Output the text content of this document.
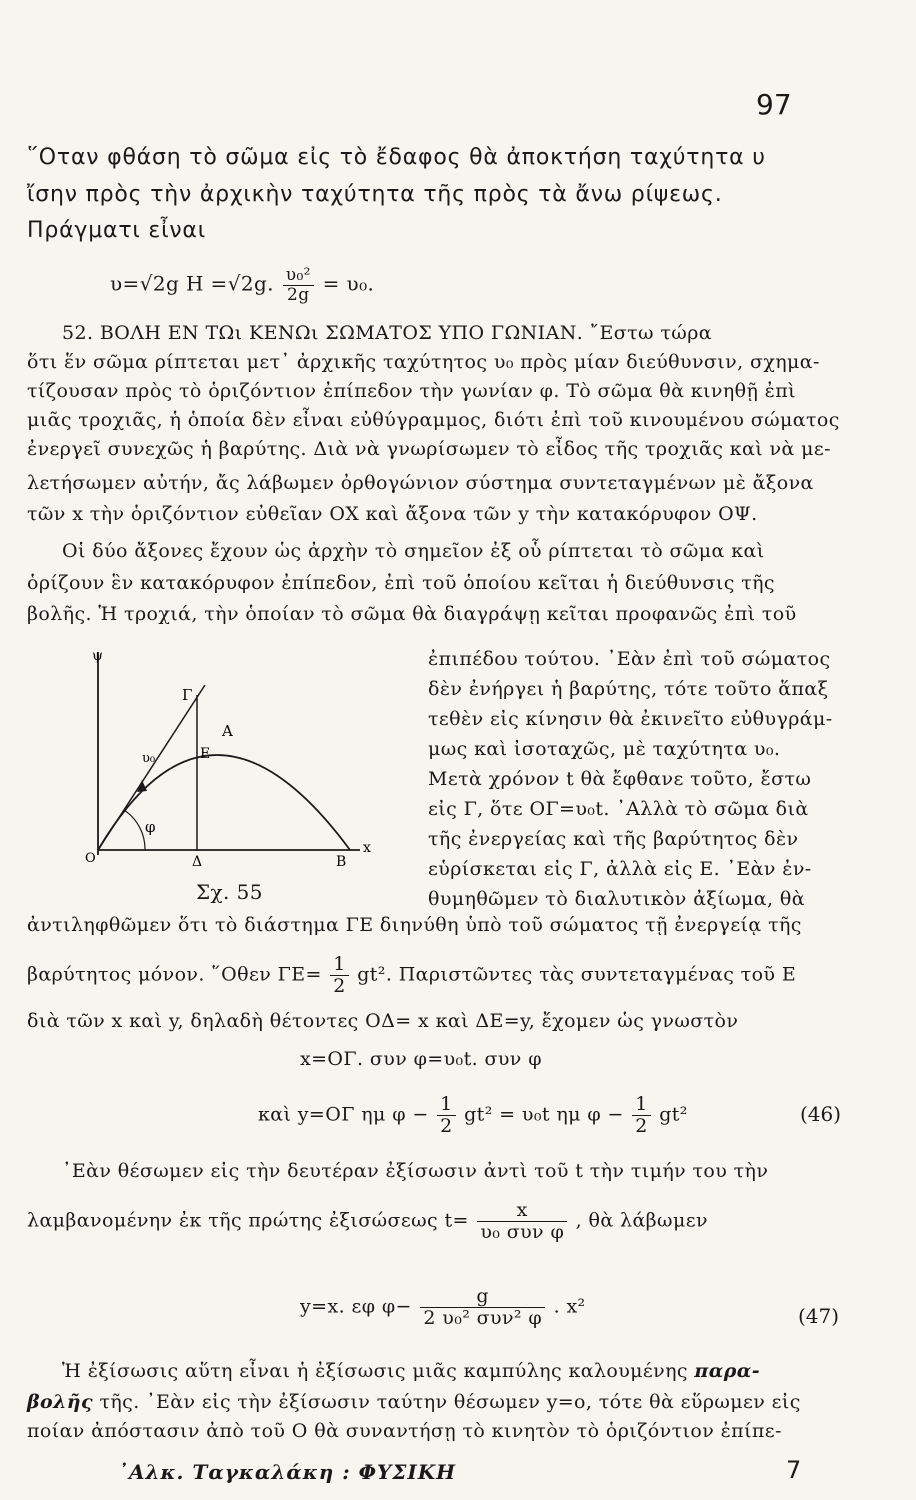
97
῞Οταν φθάση τὸ σῶμα εἰς τὸ ἔδαφος θὰ ἀποκτήση ταχύτητα υ
ἴσην πρὸς τὴν ἀρχικὴν ταχύτητα τῆς πρὸς τὰ ἄνω ρίψεως.
Πράγματι εἶναι
υ=√2g H =√2g. $\frac{\text{υ₀²}}{2g} = \upsilon_0$.
52. ΒΟΛΗ ΕΝ ΤΩι ΚΕΝΩι ΣΩΜΑΤΟΣ ΥΠΟ ΓΩΝΙΑΝ. ῎Εστω τώρα
ὅτι ἕν σῶμα ρίπτεται μετ᾽ ἀρχικῆς ταχύτητος υ₀ πρὸς μίαν διεύθυνσιν, σχημα-
τίζουσαν πρὸς τὸ ὁριζόντιον ἐπίπεδον τὴν γωνίαν φ. Τὸ σῶμα θὰ κινηθῇ ἐπὶ
μιᾶς τροχιᾶς, ἡ ὁποία δὲν εἶναι εὐθύγραμμος, διότι ἐπὶ τοῦ κινουμένου σώματος
ἐνεργεῖ συνεχῶς ἡ βαρύτης. Διὰ νὰ γνωρίσωμεν τὸ εἶδος τῆς τροχιᾶς καὶ νὰ με-
λετήσωμεν αὐτήν, ἄς λάβωμεν ὀρθογώνιον σύστημα συντεταγμένων μὲ ἄξονα
τῶν x τὴν ὁριζόντιον εὐθεῖαν ΟΧ καὶ ἄξονα τῶν y τὴν κατακόρυφον ΟΨ.
Οἱ δύο ἄξονες ἔχουν ὡς ἀρχὴν τὸ σημεῖον ἐξ οὗ ρίπτεται τὸ σῶμα καὶ
ὁρίζουν ἓν κατακόρυφον ἐπίπεδον, ἐπὶ τοῦ ὁποίου κεῖται ἡ διεύθυνσις τῆς
βολῆς. Ἡ τροχιά, τὴν ὁποίαν τὸ σῶμα θὰ διαγράψῃ κεῖται προφανῶς ἐπὶ τοῦ
ἐπιπέδου τούτου. ᾿Εὰν ἐπὶ τοῦ σώματος
δὲν ἐνήργει ἡ βαρύτης, τότε τοῦτο ἅπαξ
τεθὲν εἰς κίνησιν θὰ ἐκινεῖτο εὐθυγράμ-
μως καὶ ἰσοταχῶς, μὲ ταχύτητα υ₀.
Μετὰ χρόνον t θὰ ἔφθανε τοῦτο, ἔστω
εἰς Γ, ὅτε ΟΓ=υ₀t. ᾿Αλλὰ τὸ σῶμα διὰ
τῆς ἐνεργείας καὶ τῆς βαρύτητος δὲν
εὑρίσκεται εἰς Γ, ἀλλὰ εἰς Ε. ᾿Εὰν ἐν-
θυμηθῶμεν τὸ διαλυτικὸν ἀξίωμα, θὰ
ψ
Γ
Α
Ε
υ₀
φ
Ο	Δ	Β
x
Σχ. 55
ἀντιληφθῶμεν ὅτι τὸ διάστημα ΓΕ διηνύθη ὑπὸ τοῦ σώματος τῇ ἐνεργείᾳ τῆς
βαρύτητος μόνον. ῞Οθεν $\Gamma E= \frac{1}{2} gt^2$. Παριστῶντες τὰς συντεταγμένας τοῦ Ε
διὰ τῶν x καὶ y, δηλαδὴ θέτοντες ΟΔ= x καὶ ΔΕ=y, ἔχομεν ὡς γνωστὸν
x=ΟΓ. συν φ=υ₀t. συν φ
καὶ y=ΟΓ ημ $\varphi - \frac{1}{2} gt^2 = \upsilon_0t$ ημ $\varphi - \frac{1}{2} gt^2$	(46)
᾿Εὰν θέσωμεν εἰς τὴν δευτέραν ἐξίσωσιν ἀντὶ τοῦ t τὴν τιμήν του τὴν
λαμβανομένην ἐκ τῆς πρώτης ἐξισώσεως $t= \frac{x}{\text{υ₀ συν φ}}$ , θὰ λάβωμεν
y=x. εφ $\varphi- \frac{g}{\text{2 υ₀² συν² φ}}$ . x²	(47)
Ἡ ἐξίσωσις αὕτη εἶναι ἡ ἐξίσωσις μιᾶς καμπύλης καλουμένης παρα-
βολῆς τῆς. ᾿Εὰν εἰς τὴν ἐξίσωσιν ταύτην θέσωμεν y=ο, τότε θὰ εὕρωμεν εἰς
ποίαν ἀπόστασιν ἀπὸ τοῦ Ο θὰ συναντήσῃ τὸ κινητὸν τὸ ὁριζόντιον ἐπίπε-
᾿Αλκ. Ταγκαλάκη : ΦΥΣΙΚΗ	7
